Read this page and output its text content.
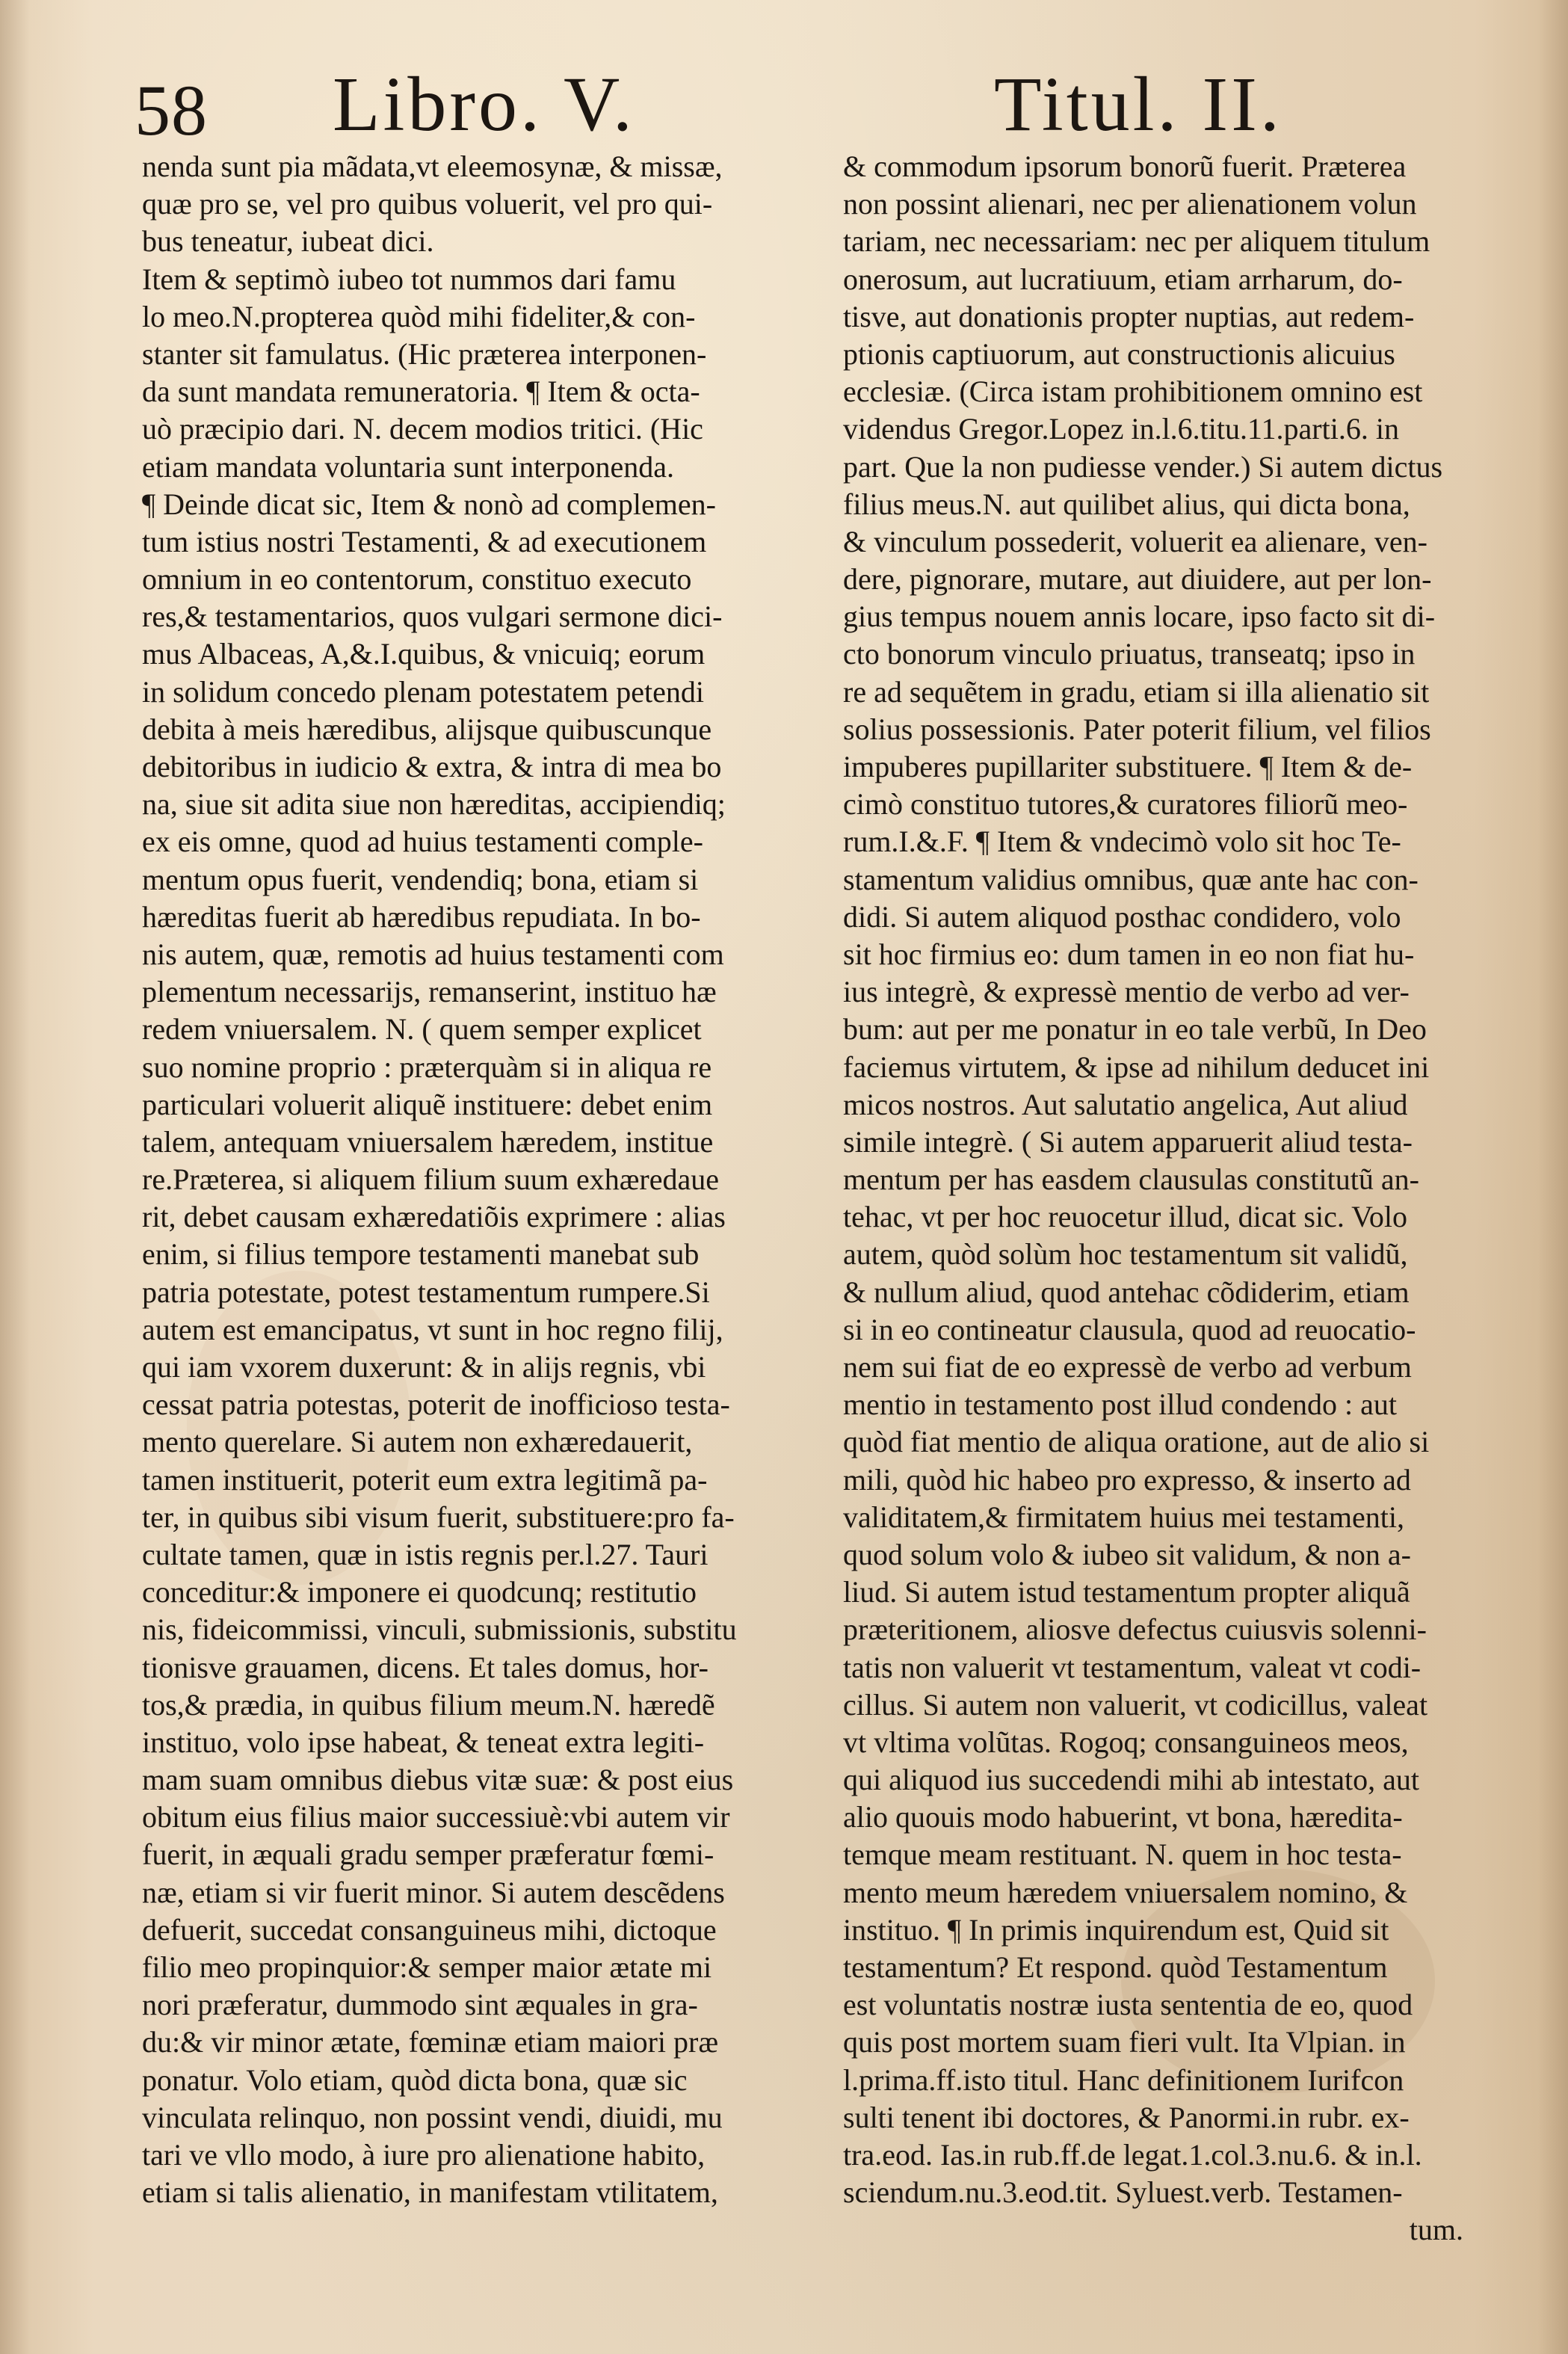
58 Libro. V.	Titul. II.
nenda sunt pia mãdata,vt eleemosynæ, & missæ,
quæ pro se, vel pro quibus voluerit, vel pro qui-
bus teneatur, iubeat dici.
Item & septimò iubeo tot nummos dari famu
lo meo.N.propterea quòd mihi fideliter,& con-
stanter sit famulatus. (Hic præterea interponen-
da sunt mandata remuneratoria. ¶ Item & octa-
uò præcipio dari. N. decem modios tritici. (Hic
etiam mandata voluntaria sunt interponenda.
¶ Deinde dicat sic, Item & nonò ad complemen-
tum istius nostri Testamenti, & ad executionem
omnium in eo contentorum, constituo executo
res,& testamentarios, quos vulgari sermone dici-
mus Albaceas, A,&.I.quibus, & vnicuiq; eorum
in solidum concedo plenam potestatem petendi
debita à meis hæredibus, alijsque quibuscunque
debitoribus in iudicio & extra, & intra di mea bo
na, siue sit adita siue non hæreditas, accipiendiq;
ex eis omne, quod ad huius testamenti comple-
mentum opus fuerit, vendendiq; bona, etiam si
hæreditas fuerit ab hæredibus repudiata. In bo-
nis autem, quæ, remotis ad huius testamenti com
plementum necessarijs, remanserint, instituo hæ
redem vniuersalem. N. ( quem semper explicet
suo nomine proprio : præterquàm si in aliqua re
particulari voluerit aliquẽ instituere: debet enim
talem, antequam vniuersalem hæredem, institue
re.Præterea, si aliquem filium suum exhæredaue
rit, debet causam exhæredatiõis exprimere : alias
enim, si filius tempore testamenti manebat sub
patria potestate, potest testamentum rumpere.Si
autem est emancipatus, vt sunt in hoc regno filij,
qui iam vxorem duxerunt: & in alijs regnis, vbi
cessat patria potestas, poterit de inofficioso testa-
mento querelare. Si autem non exhæredauerit,
tamen instituerit, poterit eum extra legitimã pa-
ter, in quibus sibi visum fuerit, substituere:pro fa-
cultate tamen, quæ in istis regnis per.l.27. Tauri
conceditur:& imponere ei quodcunq; restitutio
nis, fideicommissi, vinculi, submissionis, substitu
tionisve grauamen, dicens. Et tales domus, hor-
tos,& prædia, in quibus filium meum.N. hæredẽ
instituo, volo ipse habeat, & teneat extra legiti-
mam suam omnibus diebus vitæ suæ: & post eius
obitum eius filius maior successiuè:vbi autem vir
fuerit, in æquali gradu semper præferatur fœmi-
næ, etiam si vir fuerit minor. Si autem descẽdens
defuerit, succedat consanguineus mihi, dictoque
filio meo propinquior:& semper maior ætate mi
nori præferatur, dummodo sint æquales in gra-
du:& vir minor ætate, fœminæ etiam maiori præ
ponatur. Volo etiam, quòd dicta bona, quæ sic
vinculata relinquo, non possint vendi, diuidi, mu
tari ve vllo modo, à iure pro alienatione habito,
etiam si talis alienatio, in manifestam vtilitatem,
& commodum ipsorum bonorũ fuerit. Præterea
non possint alienari, nec per alienationem volun
tariam, nec necessariam: nec per aliquem titulum
onerosum, aut lucratiuum, etiam arrharum, do-
tisve, aut donationis propter nuptias, aut redem-
ptionis captiuorum, aut constructionis alicuius
ecclesiæ. (Circa istam prohibitionem omnino est
videndus Gregor.Lopez in.l.6.titu.11.parti.6. in
part. Que la non pudiesse vender.) Si autem dictus
filius meus.N. aut quilibet alius, qui dicta bona,
& vinculum possederit, voluerit ea alienare, ven-
dere, pignorare, mutare, aut diuidere, aut per lon-
gius tempus nouem annis locare, ipso facto sit di-
cto bonorum vinculo priuatus, transeatq; ipso in
re ad sequẽtem in gradu, etiam si illa alienatio sit
solius possessionis. Pater poterit filium, vel filios
impuberes pupillariter substituere. ¶ Item & de-
cimò constituo tutores,& curatores filiorũ meo-
rum.I.&.F. ¶ Item & vndecimò volo sit hoc Te-
stamentum validius omnibus, quæ ante hac con-
didi. Si autem aliquod posthac condidero, volo
sit hoc firmius eo: dum tamen in eo non fiat hu-
ius integrè, & expressè mentio de verbo ad ver-
bum: aut per me ponatur in eo tale verbũ, In Deo
faciemus virtutem, & ipse ad nihilum deducet ini
micos nostros. Aut salutatio angelica, Aut aliud
simile integrè. ( Si autem apparuerit aliud testa-
mentum per has easdem clausulas constitutũ an-
tehac, vt per hoc reuocetur illud, dicat sic. Volo
autem, quòd solùm hoc testamentum sit validũ,
& nullum aliud, quod antehac cõdiderim, etiam
si in eo contineatur clausula, quod ad reuocatio-
nem sui fiat de eo expressè de verbo ad verbum
mentio in testamento post illud condendo : aut
quòd fiat mentio de aliqua oratione, aut de alio si
mili, quòd hic habeo pro expresso, & inserto ad
validitatem,& firmitatem huius mei testamenti,
quod solum volo & iubeo sit validum, & non a-
liud. Si autem istud testamentum propter aliquã
præteritionem, aliosve defectus cuiusvis solenni-
tatis non valuerit vt testamentum, valeat vt codi-
cillus. Si autem non valuerit, vt codicillus, valeat
vt vltima volũtas. Rogoq; consanguineos meos,
qui aliquod ius succedendi mihi ab intestato, aut
alio quouis modo habuerint, vt bona, hæredita-
temque meam restituant. N. quem in hoc testa-
mento meum hæredem vniuersalem nomino, &
instituo. ¶ In primis inquirendum est, Quid sit
testamentum? Et respond. quòd Testamentum
est voluntatis nostræ iusta sententia de eo, quod
quis post mortem suam fieri vult. Ita Vlpian. in
l.prima.ff.isto titul. Hanc definitionem Iurifcon
sulti tenent ibi doctores, & Panormi.in rubr. ex-
tra.eod. Ias.in rub.ff.de legat.1.col.3.nu.6. & in.l.
sciendum.nu.3.eod.tit. Syluest.verb. Testamen-
tum.
